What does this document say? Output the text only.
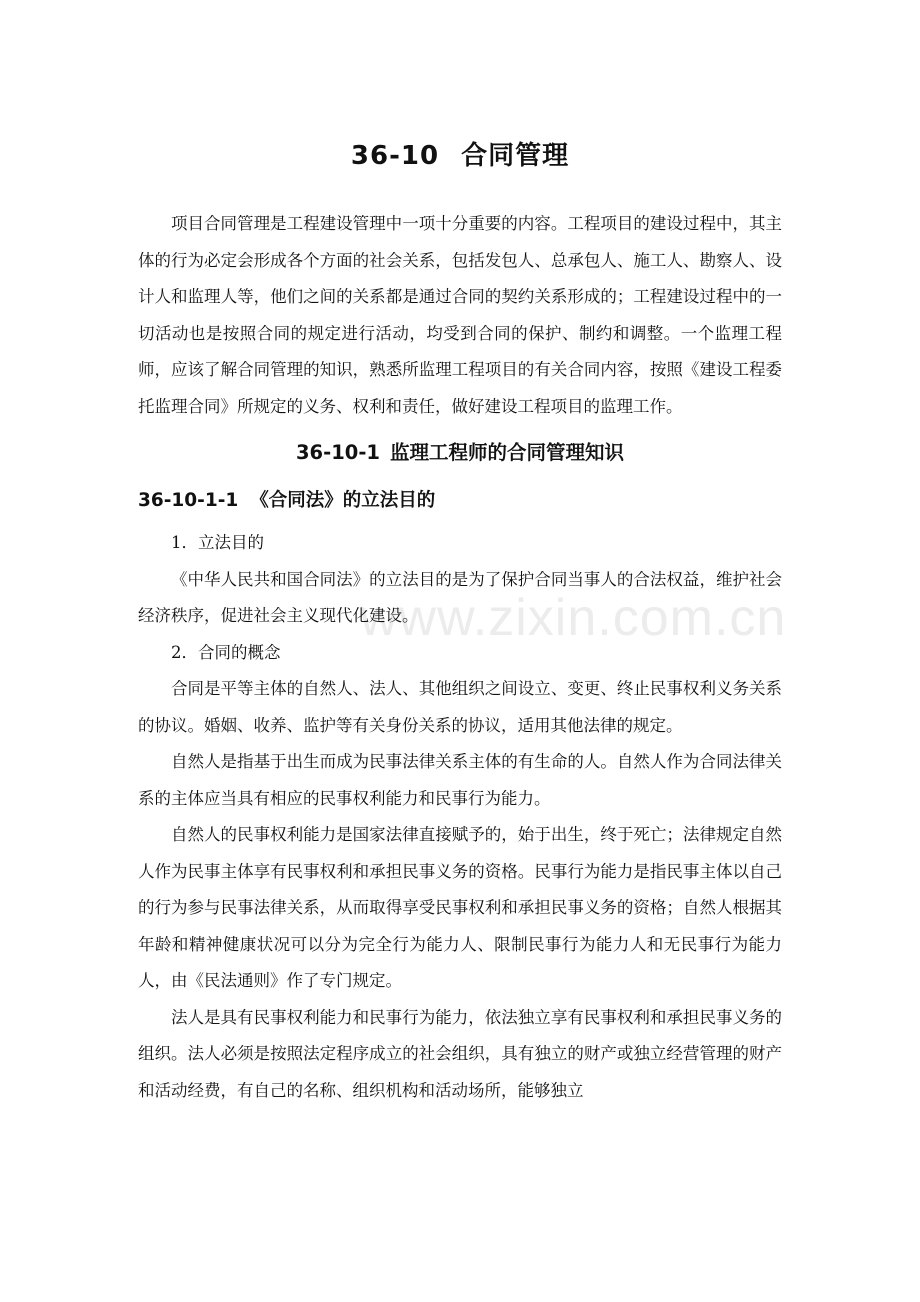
www.zixin.com.cn
36-10 合同管理

项目合同管理是工程建设管理中一项十分重要的内容。工程项目的建设过程中，其主体的行为必定会形成各个方面的社会关系，包括发包人、总承包人、施工人、勘察人、设计人和监理人等，他们之间的关系都是通过合同的契约关系形成的；工程建设过程中的一切活动也是按照合同的规定进行活动，均受到合同的保护、制约和调整。一个监理工程师，应该了解合同管理的知识，熟悉所监理工程项目的有关合同内容，按照《建设工程委托监理合同》所规定的义务、权利和责任，做好建设工程项目的监理工作。

36-10-1 监理工程师的合同管理知识
36-10-1-1 《合同法》的立法目的

1．立法目的

《中华人民共和国合同法》的立法目的是为了保护合同当事人的合法权益，维护社会经济秩序，促进社会主义现代化建设。

2．合同的概念

合同是平等主体的自然人、法人、其他组织之间设立、变更、终止民事权利义务关系的协议。婚姻、收养、监护等有关身份关系的协议，适用其他法律的规定。

自然人是指基于出生而成为民事法律关系主体的有生命的人。自然人作为合同法律关系的主体应当具有相应的民事权利能力和民事行为能力。

自然人的民事权利能力是国家法律直接赋予的，始于出生，终于死亡；法律规定自然人作为民事主体享有民事权利和承担民事义务的资格。民事行为能力是指民事主体以自己的行为参与民事法律关系，从而取得享受民事权利和承担民事义务的资格；自然人根据其年龄和精神健康状况可以分为完全行为能力人、限制民事行为能力人和无民事行为能力人，由《民法通则》作了专门规定。

法人是具有民事权利能力和民事行为能力，依法独立享有民事权利和承担民事义务的组织。法人必须是按照法定程序成立的社会组织，具有独立的财产或独立经营管理的财产和活动经费，有自己的名称、组织机构和活动场所，能够独立
